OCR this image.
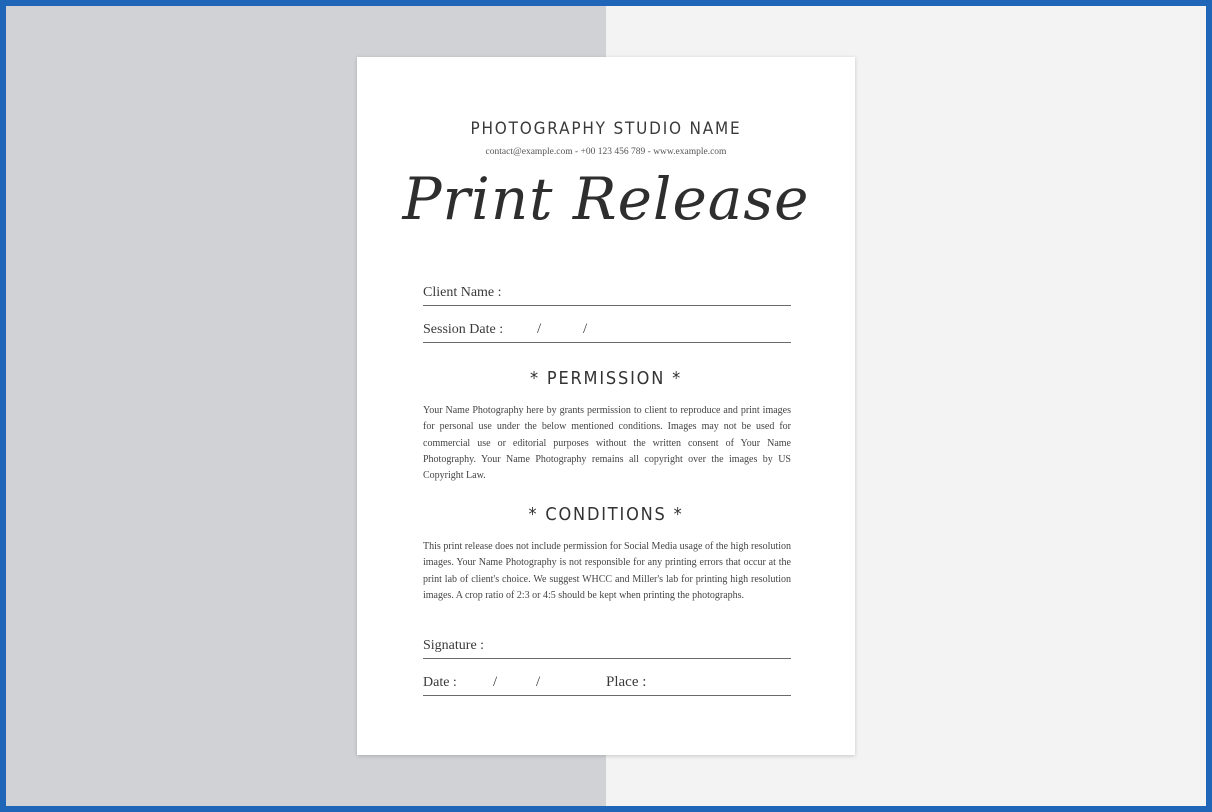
PHOTOGRAPHY STUDIO NAME
contact@example.com - +00 123 456 789 - www.example.com
Print Release
Client Name :
Session Date : /	/
* PERMISSION *
Your Name Photography here by grants permission to client to reproduce and print images for personal use under the below mentioned conditions. Images may not be used for commercial use or editorial purposes without the written consent of Your Name Photography. Your Name Photography remains all copyright over the images by US Copyright Law.
* CONDITIONS *
This print release does not include permission for Social Media usage of the high resolution images. Your Name Photography is not responsible for any printing errors that occur at the print lab of client's choice. We suggest WHCC and Miller's lab for printing high resolution images. A crop ratio of 2:3 or 4:5 should be kept when printing the photographs.
Signature :
Date : /	/	Place :
